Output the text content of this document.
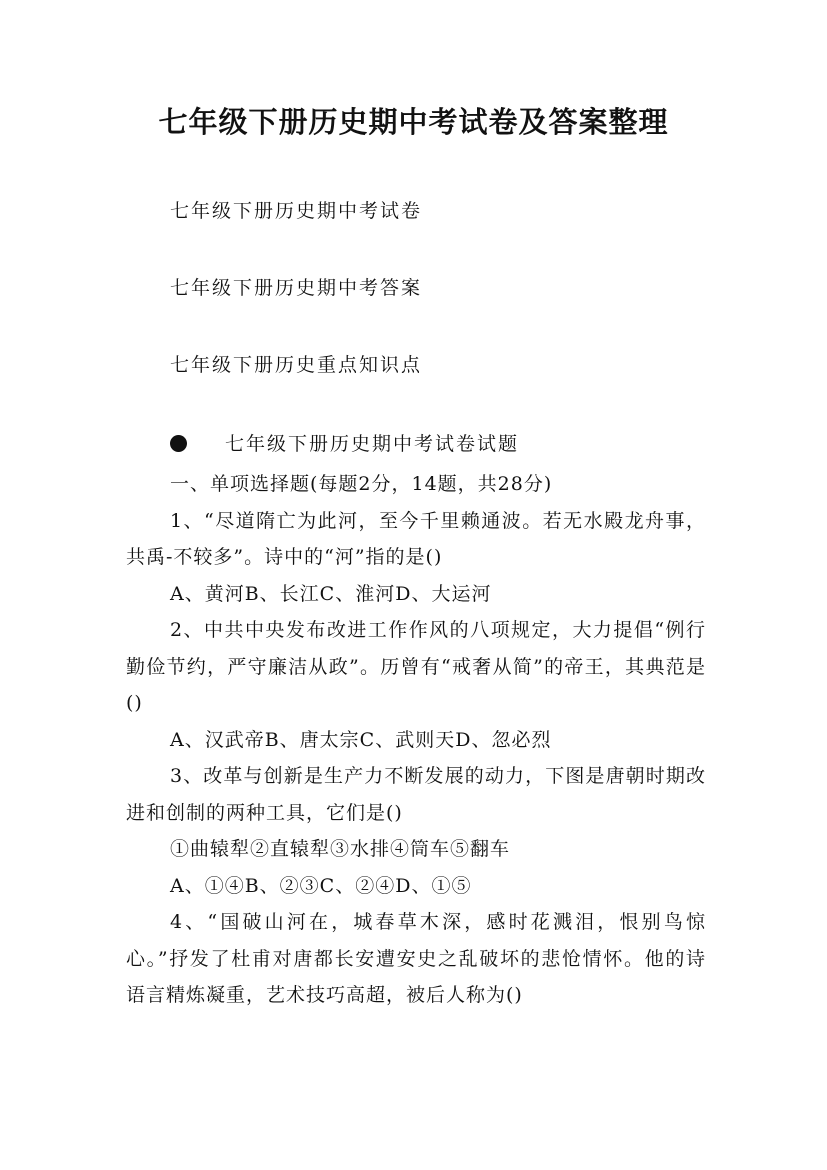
七年级下册历史期中考试卷及答案整理
七年级下册历史期中考试卷
七年级下册历史期中考答案
七年级下册历史重点知识点
七年级下册历史期中考试卷试题

一、单项选择题(每题2分，14题，共28分)

1、“尽道隋亡为此河，至今千里赖通波。若无水殿龙舟事，共禹-不较多”。诗中的“河”指的是()

A、黄河B、长江C、淮河D、大运河

2、中共中央发布改进工作作风的八项规定，大力提倡“例行勤俭节约，严守廉洁从政”。历曾有“戒奢从简”的帝王，其典范是()

A、汉武帝B、唐太宗C、武则天D、忽必烈

3、改革与创新是生产力不断发展的动力，下图是唐朝时期改进和创制的两种工具，它们是()

①曲辕犁②直辕犁③水排④筒车⑤翻车

A、①④B、②③C、②④D、①⑤

4、“国破山河在，城春草木深，感时花溅泪，恨别鸟惊心。”抒发了杜甫对唐都长安遭安史之乱破坏的悲怆情怀。他的诗语言精炼凝重，艺术技巧高超，被后人称为()
